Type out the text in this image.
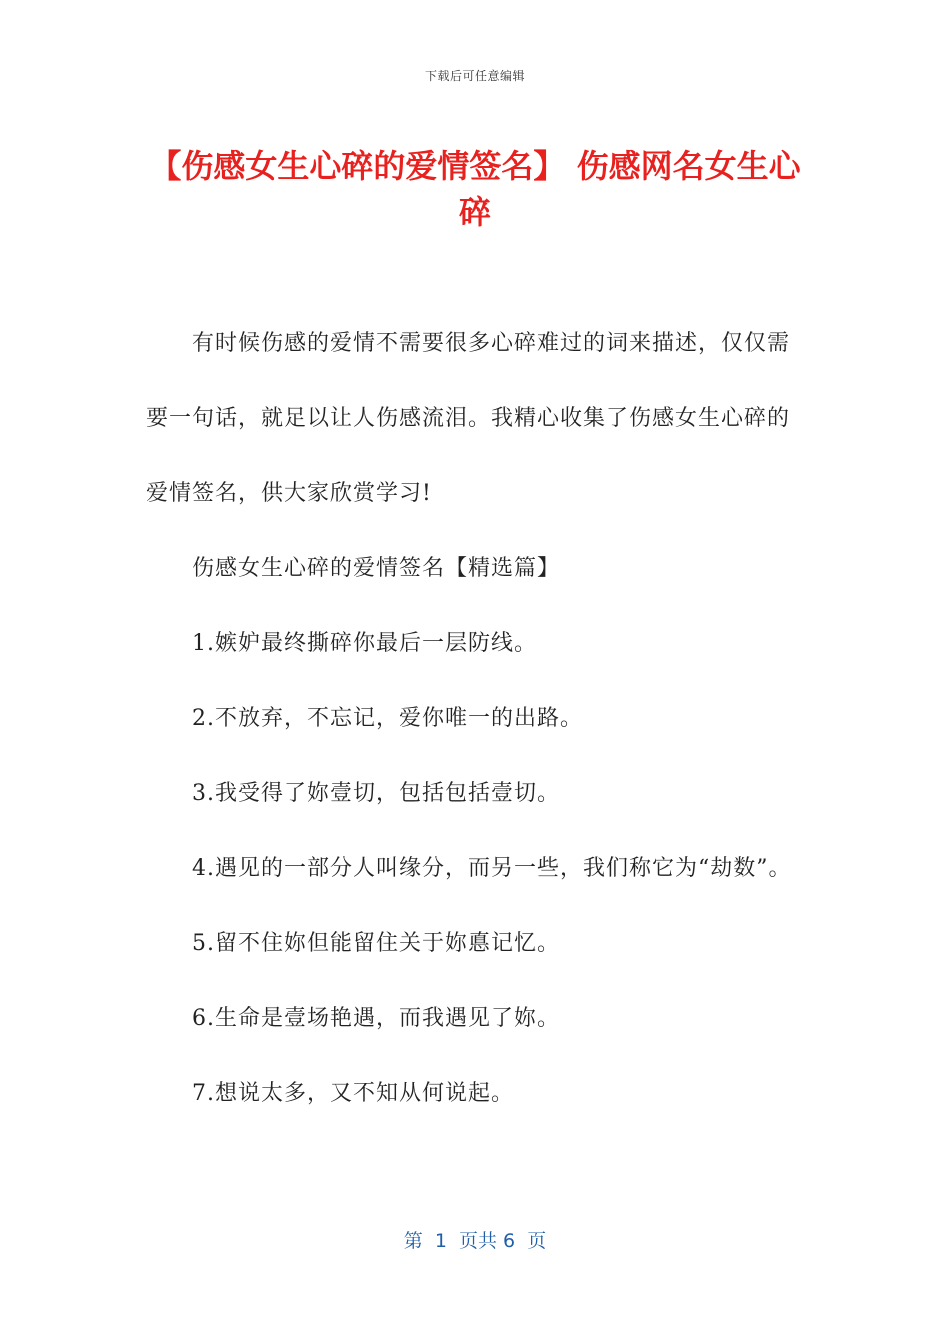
下载后可任意编辑
【伤感女生心碎的爱情签名】 伤感网名女生心碎

有时候伤感的爱情不需要很多心碎难过的词来描述，仅仅需要一句话，就足以让人伤感流泪。我精心收集了伤感女生心碎的爱情签名，供大家欣赏学习!

伤感女生心碎的爱情签名【精选篇】

1.嫉妒最终撕碎你最后一层防线。

2.不放弃，不忘记，爱你唯一的出路。

3.我受得了妳壹切，包括包括壹切。

4.遇见的一部分人叫缘分，而另一些，我们称它为“劫数”。

5.留不住妳但能留住关于妳悳记忆。

6.生命是壹场艳遇，而我遇见了妳。

7.想说太多，又不知从何说起。

第  1  页共 6  页
